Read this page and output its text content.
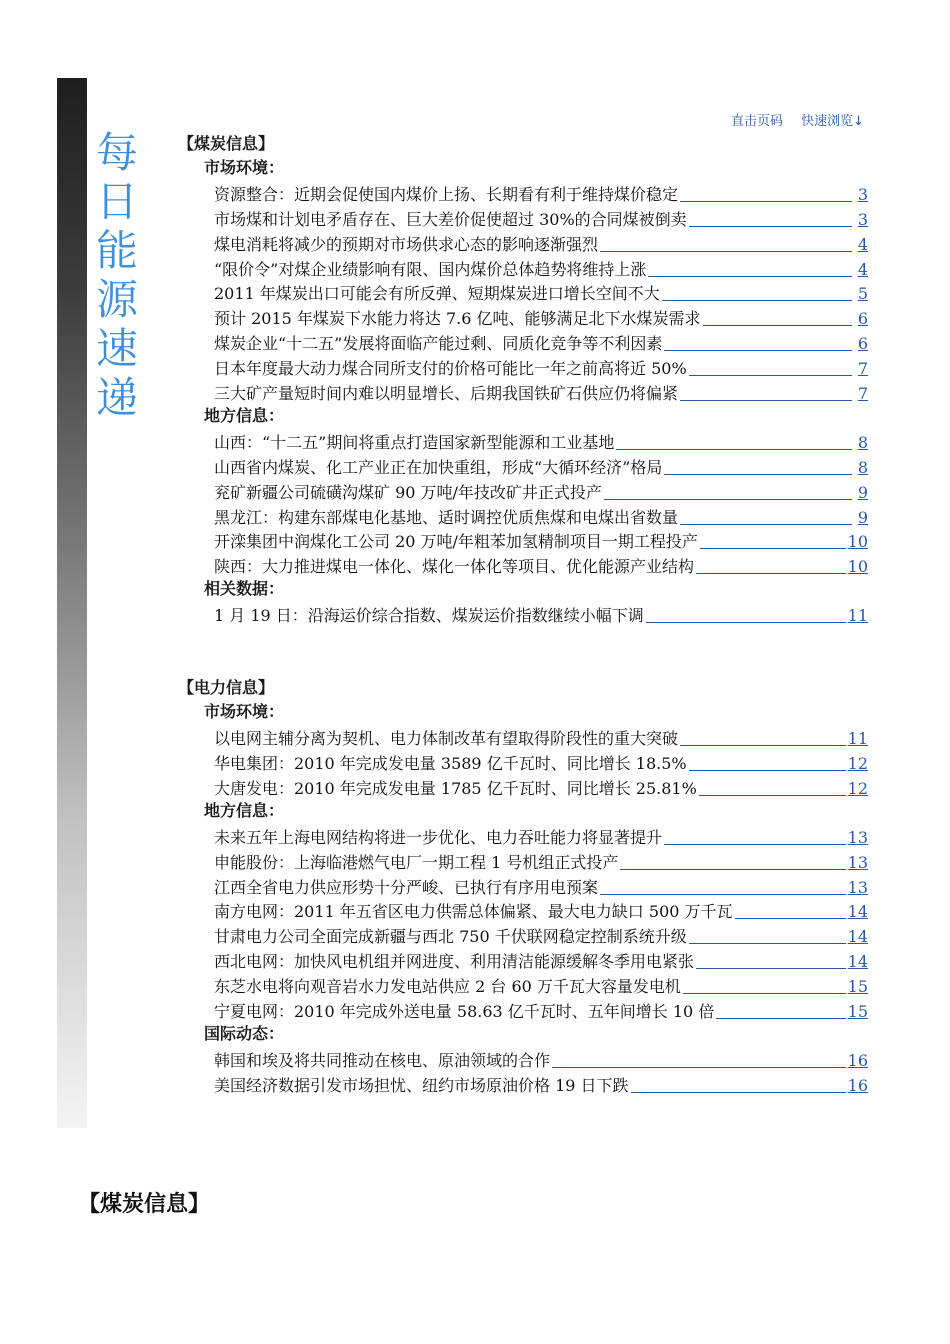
每
日
能
源
速
递
直击页码 快速浏览↓
【煤炭信息】
市场环境：
资源整合：近期会促使国内煤价上扬、长期看有利于维持煤价稳定	3
市场煤和计划电矛盾存在、巨大差价促使超过 30%的合同煤被倒卖	3
煤电消耗将减少的预期对市场供求心态的影响逐渐强烈	4
“限价令”对煤企业绩影响有限、国内煤价总体趋势将维持上涨	4
2011 年煤炭出口可能会有所反弹、短期煤炭进口增长空间不大	5
预计 2015 年煤炭下水能力将达 7.6 亿吨、能够满足北下水煤炭需求	6
煤炭企业“十二五”发展将面临产能过剩、同质化竞争等不利因素	6
日本年度最大动力煤合同所支付的价格可能比一年之前高将近 50%	7
三大矿产量短时间内难以明显增长、后期我国铁矿石供应仍将偏紧	7
地方信息：
山西：“十二五”期间将重点打造国家新型能源和工业基地	8
山西省内煤炭、化工产业正在加快重组，形成“大循环经济”格局	8
兖矿新疆公司硫磺沟煤矿 90 万吨/年技改矿井正式投产	9
黑龙江：构建东部煤电化基地、适时调控优质焦煤和电煤出省数量	9
开滦集团中润煤化工公司 20 万吨/年粗苯加氢精制项目一期工程投产	10
陕西：大力推进煤电一体化、煤化一体化等项目、优化能源产业结构	10
相关数据：
1 月 19 日：沿海运价综合指数、煤炭运价指数继续小幅下调	11
【电力信息】
市场环境：
以电网主辅分离为契机、电力体制改革有望取得阶段性的重大突破	11
华电集团：2010 年完成发电量 3589 亿千瓦时、同比增长 18.5%	12
大唐发电：2010 年完成发电量 1785 亿千瓦时、同比增长 25.81%	12
地方信息：
未来五年上海电网结构将进一步优化、电力吞吐能力将显著提升	13
申能股份：上海临港燃气电厂一期工程 1 号机组正式投产	13
江西全省电力供应形势十分严峻、已执行有序用电预案	13
南方电网：2011 年五省区电力供需总体偏紧、最大电力缺口 500 万千瓦	14
甘肃电力公司全面完成新疆与西北 750 千伏联网稳定控制系统升级	14
西北电网：加快风电机组并网进度、利用清洁能源缓解冬季用电紧张	14
东芝水电将向观音岩水力发电站供应 2 台 60 万千瓦大容量发电机	15
宁夏电网：2010 年完成外送电量 58.63 亿千瓦时、五年间增长 10 倍	15
国际动态：
韩国和埃及将共同推动在核电、原油领域的合作	16
美国经济数据引发市场担忧、纽约市场原油价格 19 日下跌	16
【煤炭信息】
